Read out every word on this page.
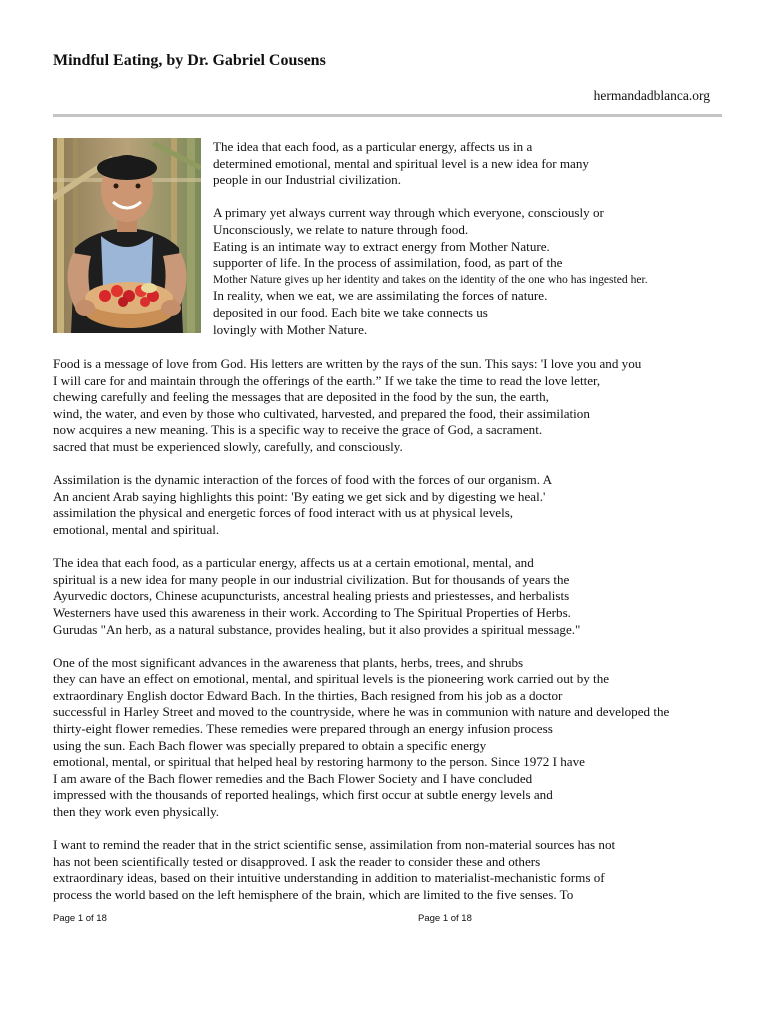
Mindful Eating, by Dr. Gabriel Cousens
hermandadblanca.org
The idea that each food, as a particular energy, affects us in a
determined emotional, mental and spiritual level is a new idea for many
people in our Industrial civilization.
A primary yet always current way through which everyone, consciously or
Unconsciously, we relate to nature through food.
Eating is an intimate way to extract energy from Mother Nature.
supporter of life. In the process of assimilation, food, as part of the
Mother Nature gives up her identity and takes on the identity of the one who has ingested her.
In reality, when we eat, we are assimilating the forces of nature.
deposited in our food. Each bite we take connects us
lovingly with Mother Nature.
Food is a message of love from God. His letters are written by the rays of the sun. This says: 'I love you and you
I will care for and maintain through the offerings of the earth.” If we take the time to read the love letter,
chewing carefully and feeling the messages that are deposited in the food by the sun, the earth,
wind, the water, and even by those who cultivated, harvested, and prepared the food, their assimilation
now acquires a new meaning. This is a specific way to receive the grace of God, a sacrament.
sacred that must be experienced slowly, carefully, and consciously.
Assimilation is the dynamic interaction of the forces of food with the forces of our organism. A
An ancient Arab saying highlights this point: 'By eating we get sick and by digesting we heal.'
assimilation the physical and energetic forces of food interact with us at physical levels,
emotional, mental and spiritual.
The idea that each food, as a particular energy, affects us at a certain emotional, mental, and
spiritual is a new idea for many people in our industrial civilization. But for thousands of years the
Ayurvedic doctors, Chinese acupuncturists, ancestral healing priests and priestesses, and herbalists
Westerners have used this awareness in their work. According to The Spiritual Properties of Herbs.
Gurudas "An herb, as a natural substance, provides healing, but it also provides a spiritual message."
One of the most significant advances in the awareness that plants, herbs, trees, and shrubs
they can have an effect on emotional, mental, and spiritual levels is the pioneering work carried out by the
extraordinary English doctor Edward Bach. In the thirties, Bach resigned from his job as a doctor
successful in Harley Street and moved to the countryside, where he was in communion with nature and developed the
thirty-eight flower remedies. These remedies were prepared through an energy infusion process
using the sun. Each Bach flower was specially prepared to obtain a specific energy
emotional, mental, or spiritual that helped heal by restoring harmony to the person. Since 1972 I have
I am aware of the Bach flower remedies and the Bach Flower Society and I have concluded
impressed with the thousands of reported healings, which first occur at subtle energy levels and
then they work even physically.
I want to remind the reader that in the strict scientific sense, assimilation from non-material sources has not
has not been scientifically tested or disapproved. I ask the reader to consider these and others
extraordinary ideas, based on their intuitive understanding in addition to materialist-mechanistic forms of
process the world based on the left hemisphere of the brain, which are limited to the five senses. To
Page 1 of 18	Page 1 of 18
